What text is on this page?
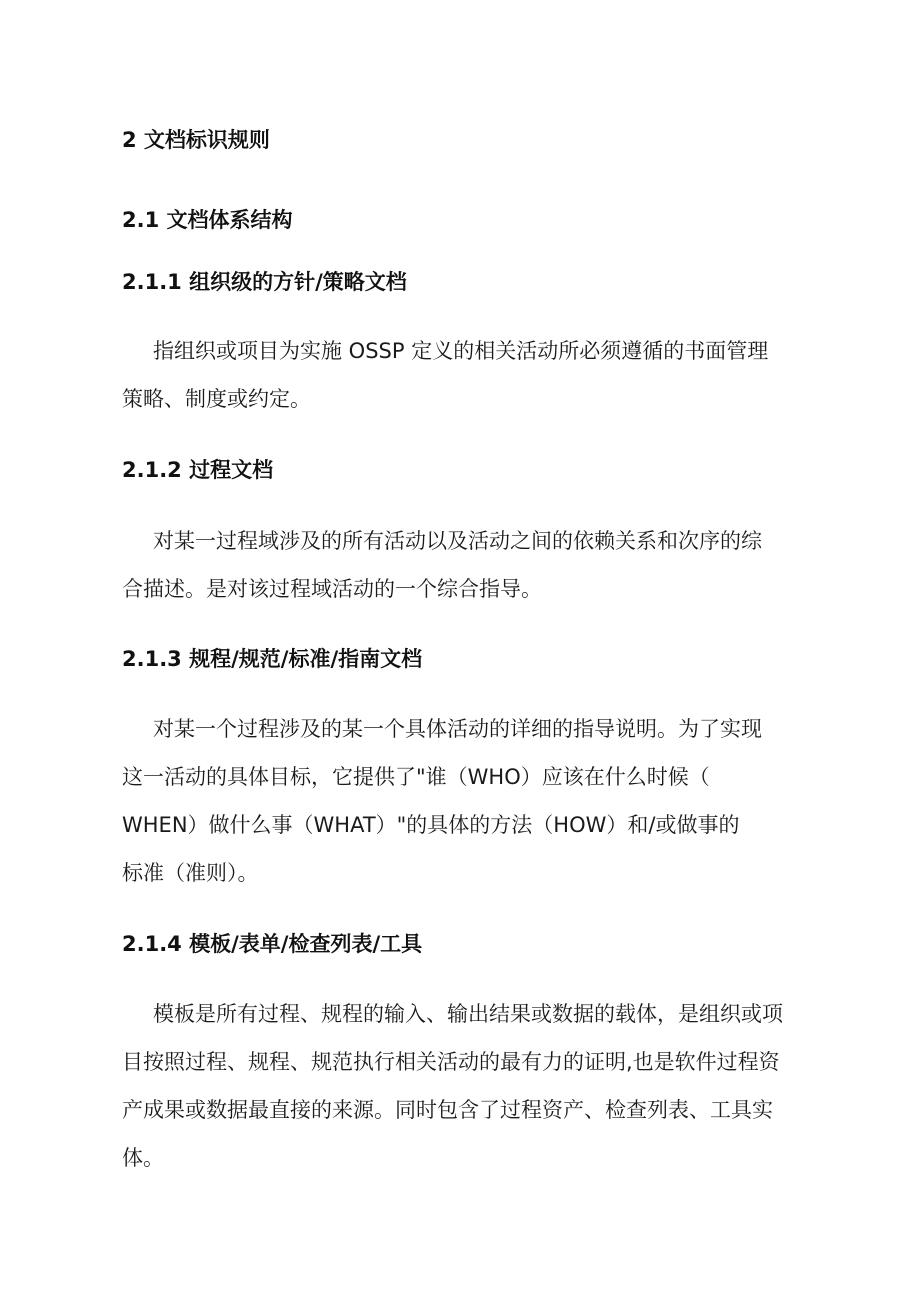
2 文档标识规则
2.1 文档体系结构
2.1.1 组织级的方针/策略文档
指组织或项目为实施 OSSP 定义的相关活动所必须遵循的书面管理
策略、制度或约定。
2.1.2 过程文档
对某一过程域涉及的所有活动以及活动之间的依赖关系和次序的综
合描述。是对该过程域活动的一个综合指导。
2.1.3 规程/规范/标准/指南文档
对某一个过程涉及的某一个具体活动的详细的指导说明。为了实现
这一活动的具体目标，它提供了"谁（WHO）应该在什么时候（
WHEN）做什么事（WHAT）"的具体的方法（HOW）和/或做事的
标准（准则）。
2.1.4 模板/表单/检查列表/工具
模板是所有过程、规程的输入、输出结果或数据的载体，是组织或项
目按照过程、规程、规范执行相关活动的最有力的证明,也是软件过程资
产成果或数据最直接的来源。同时包含了过程资产、检查列表、工具实
体。
